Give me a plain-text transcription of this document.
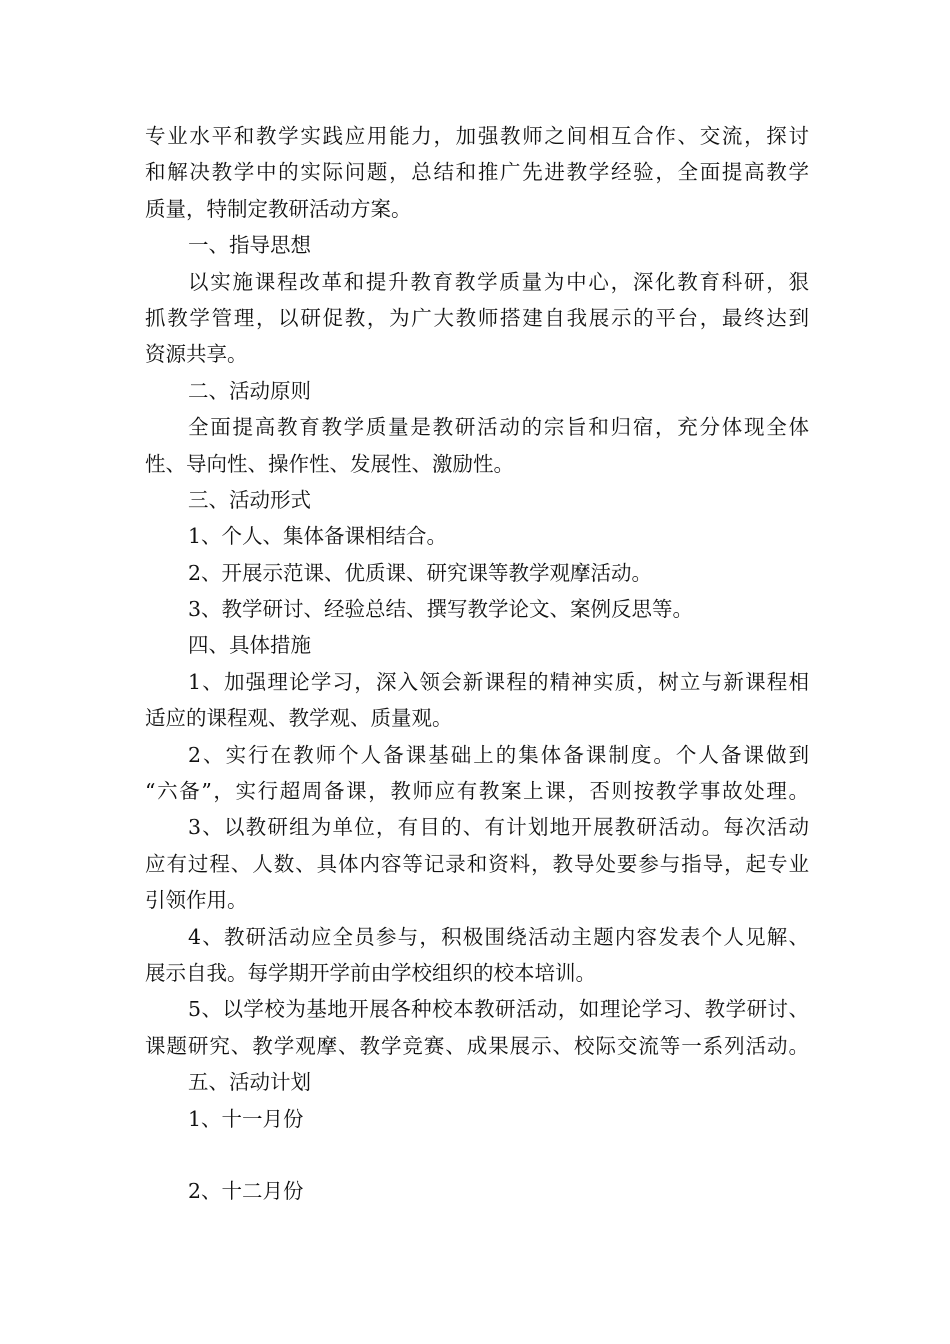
专业水平和教学实践应用能力，加强教师之间相互合作、交流，探讨
和解决教学中的实际问题，总结和推广先进教学经验，全面提高教学
质量，特制定教研活动方案。
一、指导思想
以实施课程改革和提升教育教学质量为中心，深化教育科研，狠
抓教学管理，以研促教，为广大教师搭建自我展示的平台，最终达到
资源共享。
二、活动原则
全面提高教育教学质量是教研活动的宗旨和归宿，充分体现全体
性、导向性、操作性、发展性、激励性。
三、活动形式
1、个人、集体备课相结合。
2、开展示范课、优质课、研究课等教学观摩活动。
3、教学研讨、经验总结、撰写教学论文、案例反思等。
四、具体措施
1、加强理论学习，深入领会新课程的精神实质，树立与新课程相
适应的课程观、教学观、质量观。
2、实行在教师个人备课基础上的集体备课制度。个人备课做到
“六备”，实行超周备课，教师应有教案上课，否则按教学事故处理。
3、以教研组为单位，有目的、有计划地开展教研活动。每次活动
应有过程、人数、具体内容等记录和资料，教导处要参与指导，起专业
引领作用。
4、教研活动应全员参与，积极围绕活动主题内容发表个人见解、
展示自我。每学期开学前由学校组织的校本培训。
5、以学校为基地开展各种校本教研活动，如理论学习、教学研讨、
课题研究、教学观摩、教学竞赛、成果展示、校际交流等一系列活动。
五、活动计划
1、十一月份
2、十二月份
